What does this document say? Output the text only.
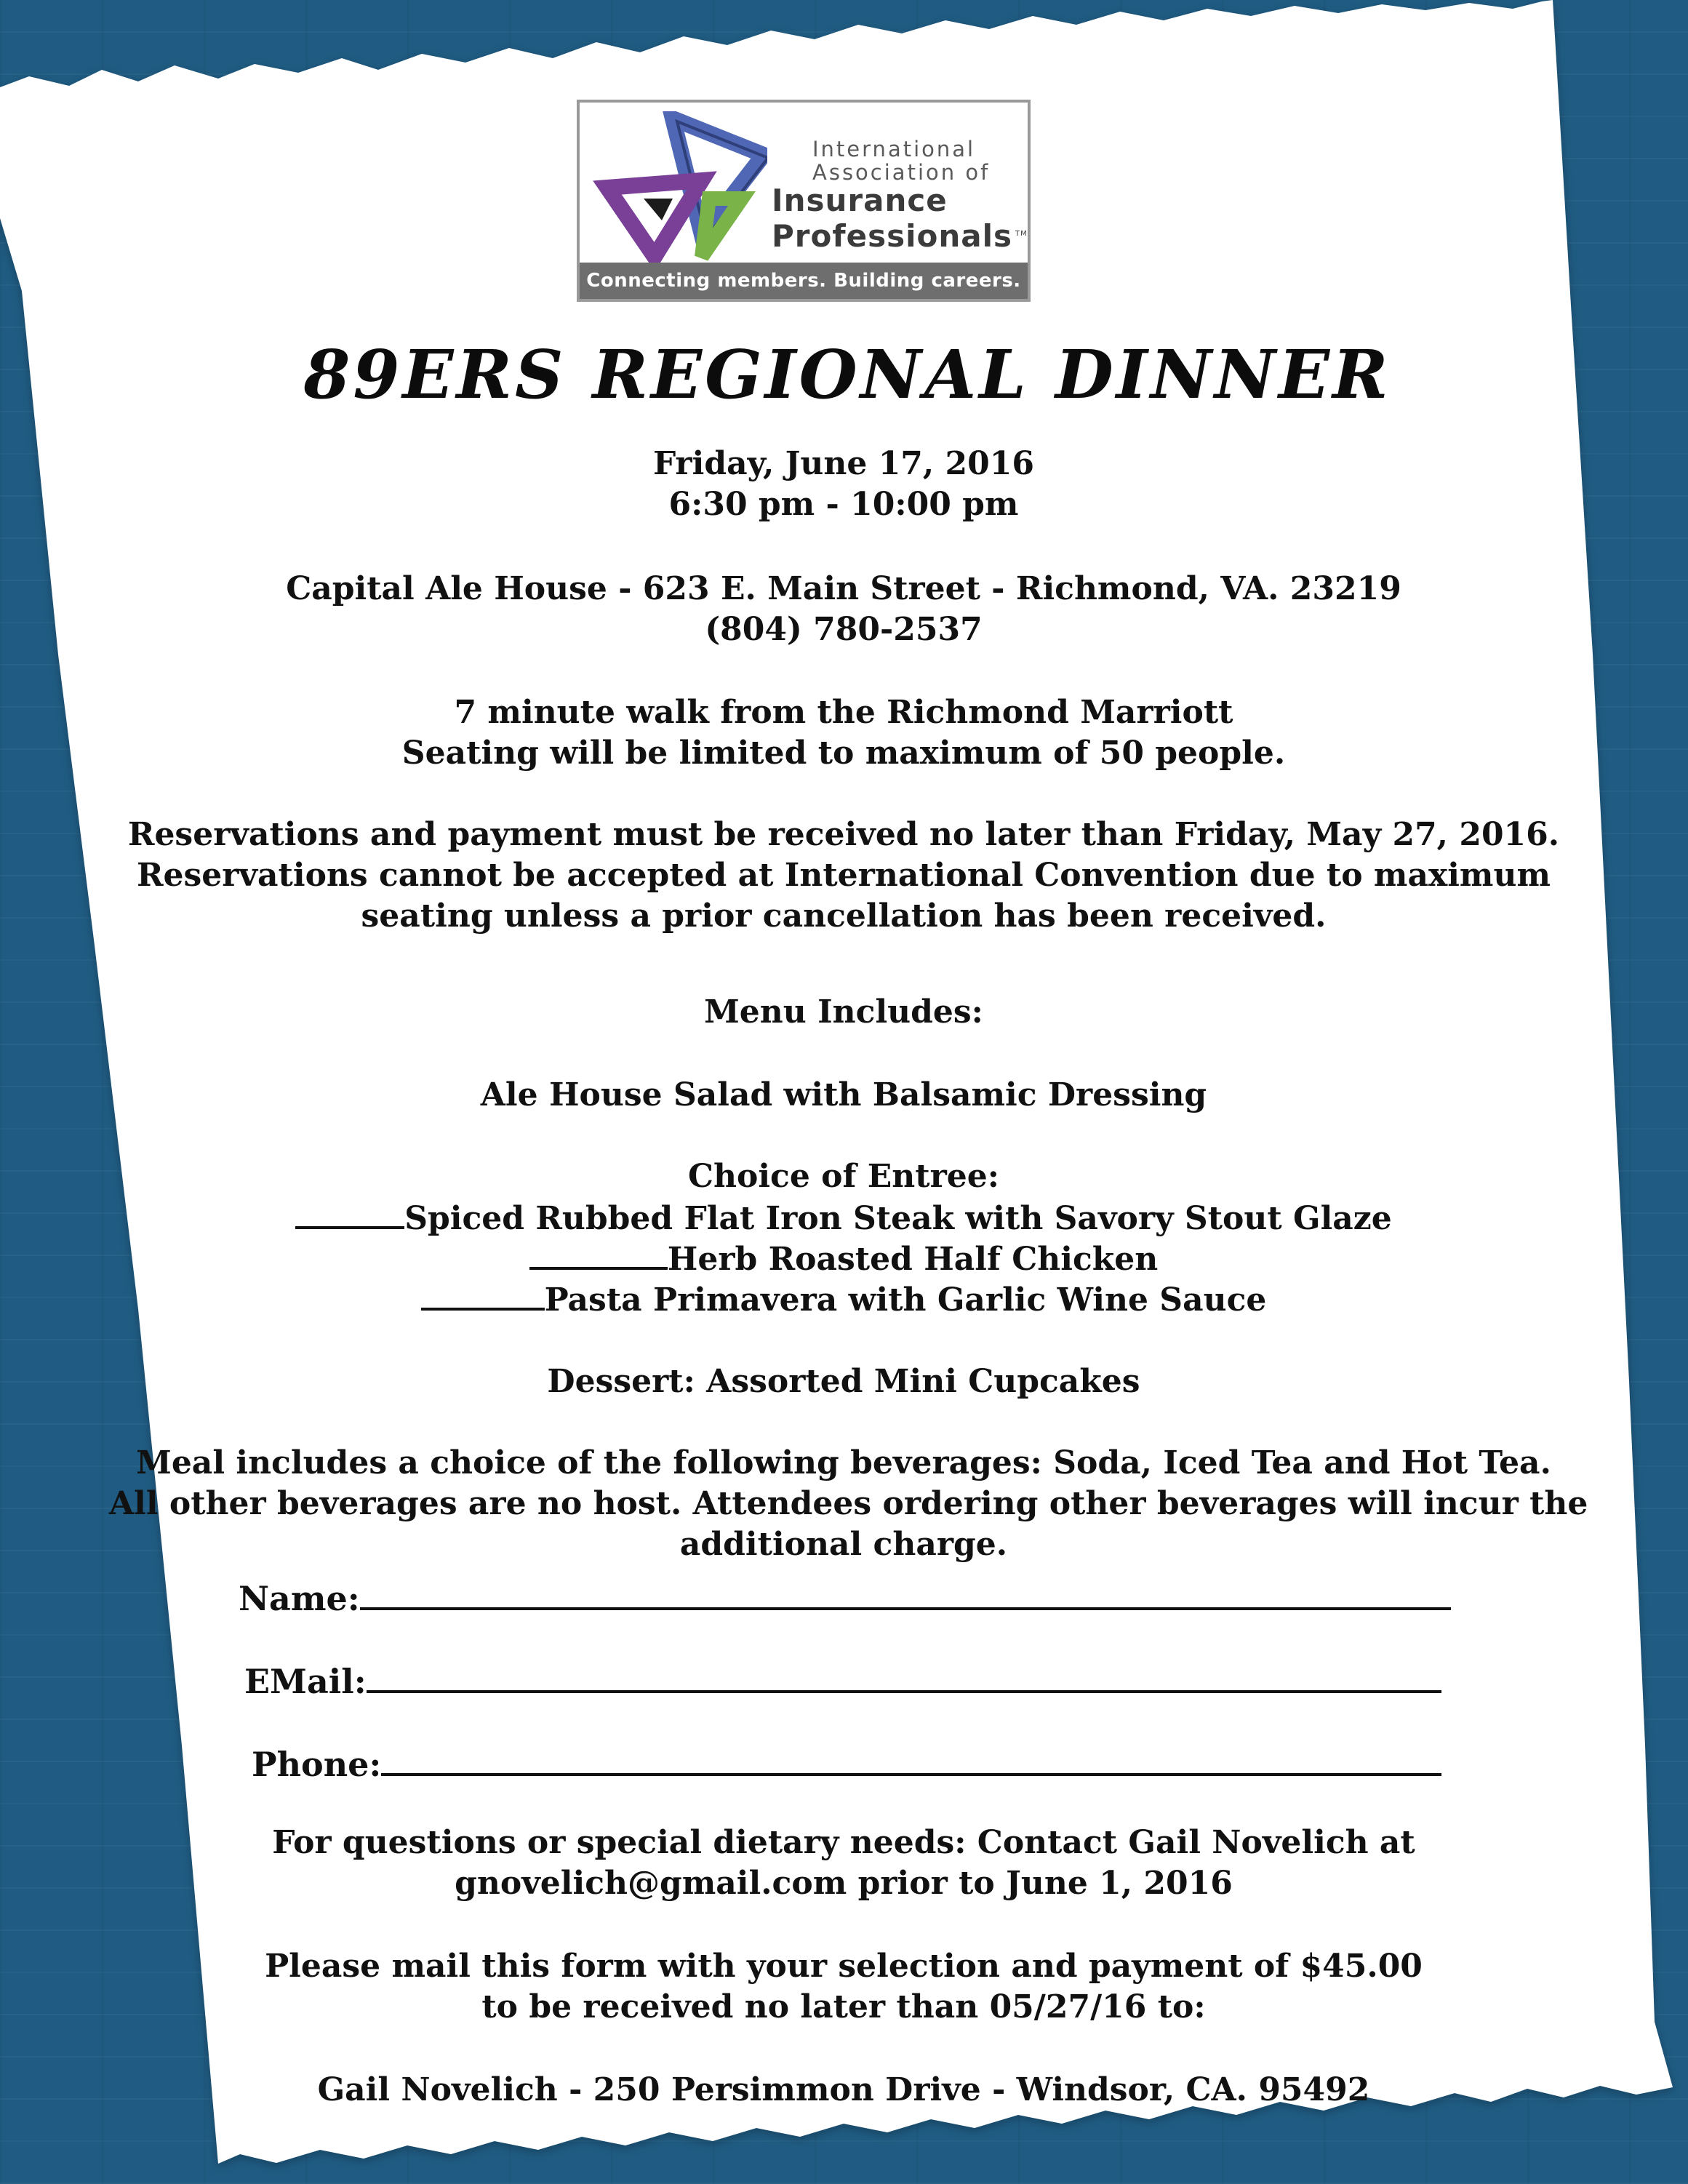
International
Association of
Insurance
Professionals ™
Connecting members. Building careers.
89ERS REGIONAL DINNER
Friday, June 17, 2016
6:30 pm - 10:00 pm
Capital Ale House - 623 E. Main Street - Richmond, VA. 23219
(804) 780-2537
7 minute walk from the Richmond Marriott
Seating will be limited to maximum of 50 people.
Reservations and payment must be received no later than Friday, May 27, 2016.
Reservations cannot be accepted at International Convention due to maximum
seating unless a prior cancellation has been received.
Menu Includes:
Ale House Salad with Balsamic Dressing
Choice of Entree:
Spiced Rubbed Flat Iron Steak with Savory Stout Glaze
Herb Roasted Half Chicken
Pasta Primavera with Garlic Wine Sauce
Dessert: Assorted Mini Cupcakes
Meal includes a choice of the following beverages: Soda, Iced Tea and Hot Tea.
All other beverages are no host. Attendees ordering other beverages will incur the
additional charge.
Name:
EMail:
Phone:
For questions or special dietary needs: Contact Gail Novelich at
gnovelich@gmail.com prior to June 1, 2016
Please mail this form with your selection and payment of $45.00
to be received no later than 05/27/16 to:
Gail Novelich - 250 Persimmon Drive - Windsor, CA. 95492
